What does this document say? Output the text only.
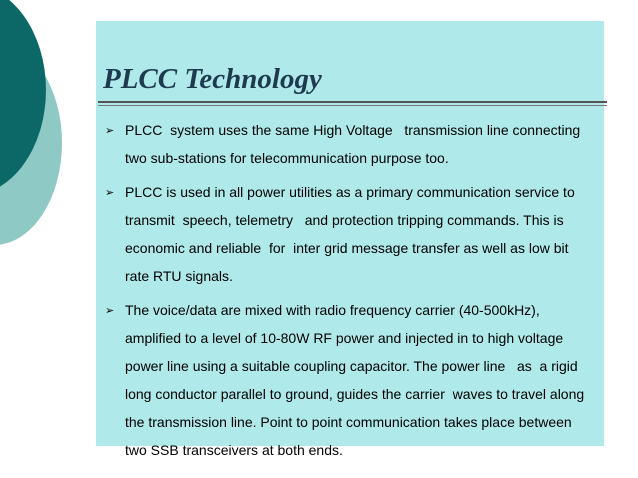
PLCC Technology
➢ PLCC  system uses the same High Voltage   transmission line connecting
two sub-stations for telecommunication purpose too.
➢ PLCC is used in all power utilities as a primary communication service to
transmit  speech, telemetry   and protection tripping commands. This is
economic and reliable  for  inter grid message transfer as well as low bit
rate RTU signals.
➢ The voice/data are mixed with radio frequency carrier (40-500kHz),
amplified to a level of 10-80W RF power and injected in to high voltage
power line using a suitable coupling capacitor. The power line   as  a rigid
long conductor parallel to ground, guides the carrier  waves to travel along
the transmission line. Point to point communication takes place between
two SSB transceivers at both ends.
